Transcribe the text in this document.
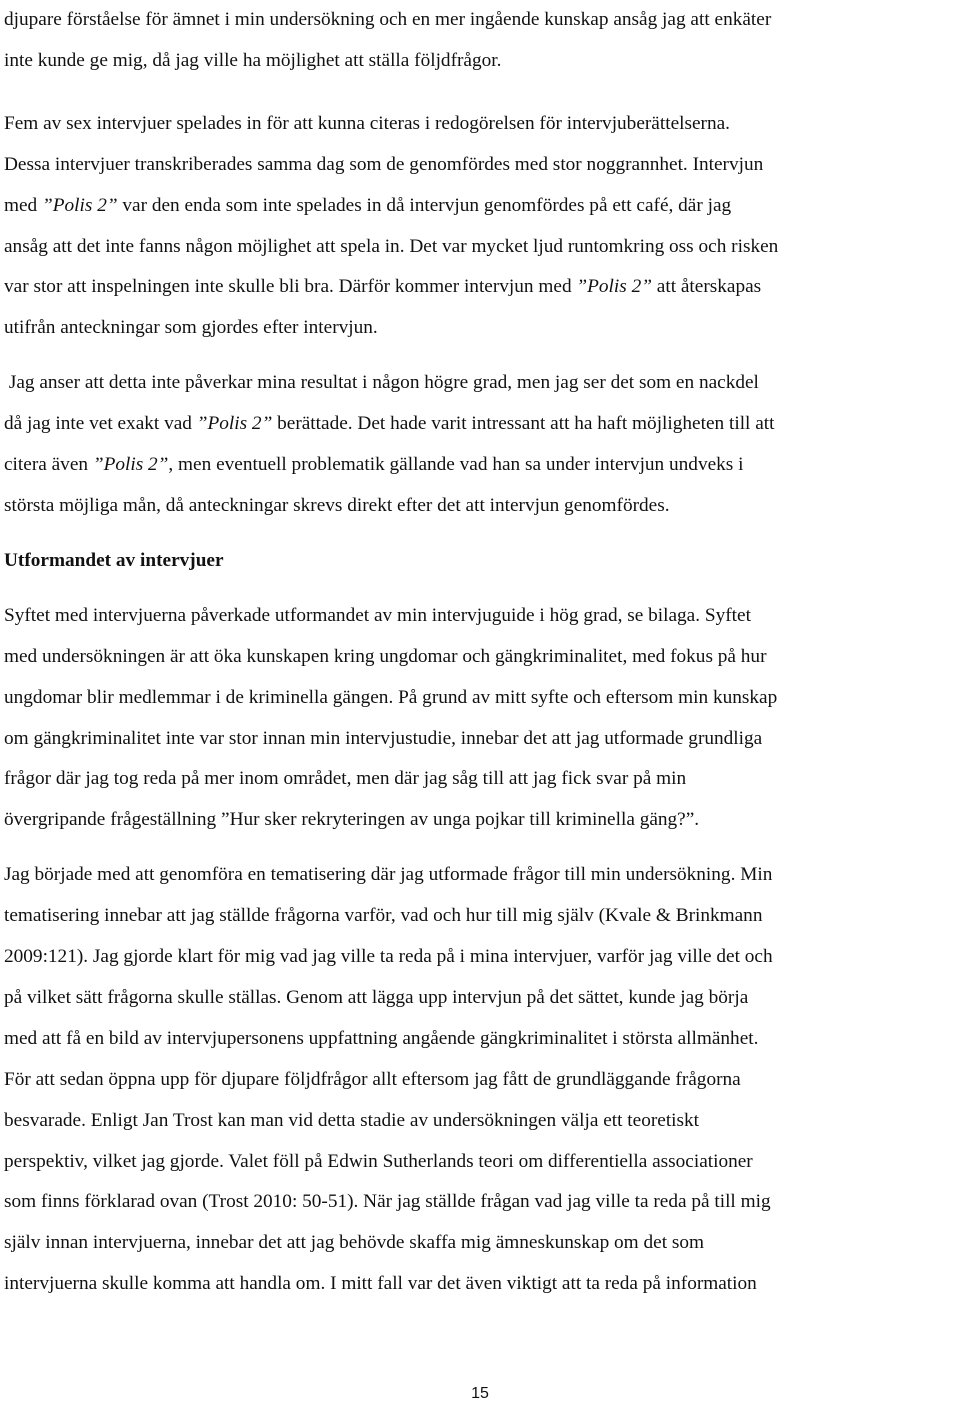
djupare förståelse för ämnet i min undersökning och en mer ingående kunskap ansåg jag att enkäter
inte kunde ge mig, då jag ville ha möjlighet att ställa följdfrågor.

Fem av sex intervjuer spelades in för att kunna citeras i redogörelsen för intervjuberättelserna.
Dessa intervjuer transkriberades samma dag som de genomfördes med stor noggrannhet. Intervjun
med ”Polis 2” var den enda som inte spelades in då intervjun genomfördes på ett café, där jag
ansåg att det inte fanns någon möjlighet att spela in. Det var mycket ljud runtomkring oss och risken
var stor att inspelningen inte skulle bli bra. Därför kommer intervjun med ”Polis 2” att återskapas
utifrån anteckningar som gjordes efter intervjun.

Jag anser att detta inte påverkar mina resultat i någon högre grad, men jag ser det som en nackdel
då jag inte vet exakt vad ”Polis 2” berättade. Det hade varit intressant att ha haft möjligheten till att
citera även ”Polis 2”, men eventuell problematik gällande vad han sa under intervjun undveks i
största möjliga mån, då anteckningar skrevs direkt efter det att intervjun genomfördes.

Utformandet av intervjuer

Syftet med intervjuerna påverkade utformandet av min intervjuguide i hög grad, se bilaga. Syftet
med undersökningen är att öka kunskapen kring ungdomar och gängkriminalitet, med fokus på hur
ungdomar blir medlemmar i de kriminella gängen. På grund av mitt syfte och eftersom min kunskap
om gängkriminalitet inte var stor innan min intervjustudie, innebar det att jag utformade grundliga
frågor där jag tog reda på mer inom området, men där jag såg till att jag fick svar på min
övergripande frågeställning ”Hur sker rekryteringen av unga pojkar till kriminella gäng?”.

Jag började med att genomföra en tematisering där jag utformade frågor till min undersökning. Min
tematisering innebar att jag ställde frågorna varför, vad och hur till mig själv (Kvale & Brinkmann
2009:121). Jag gjorde klart för mig vad jag ville ta reda på i mina intervjuer, varför jag ville det och
på vilket sätt frågorna skulle ställas. Genom att lägga upp intervjun på det sättet, kunde jag börja
med att få en bild av intervjupersonens uppfattning angående gängkriminalitet i största allmänhet.
För att sedan öppna upp för djupare följdfrågor allt eftersom jag fått de grundläggande frågorna
besvarade. Enligt Jan Trost kan man vid detta stadie av undersökningen välja ett teoretiskt
perspektiv, vilket jag gjorde. Valet föll på Edwin Sutherlands teori om differentiella associationer
som finns förklarad ovan (Trost 2010: 50-51). När jag ställde frågan vad jag ville ta reda på till mig
själv innan intervjuerna, innebar det att jag behövde skaffa mig ämneskunskap om det som
intervjuerna skulle komma att handla om. I mitt fall var det även viktigt att ta reda på information

15
